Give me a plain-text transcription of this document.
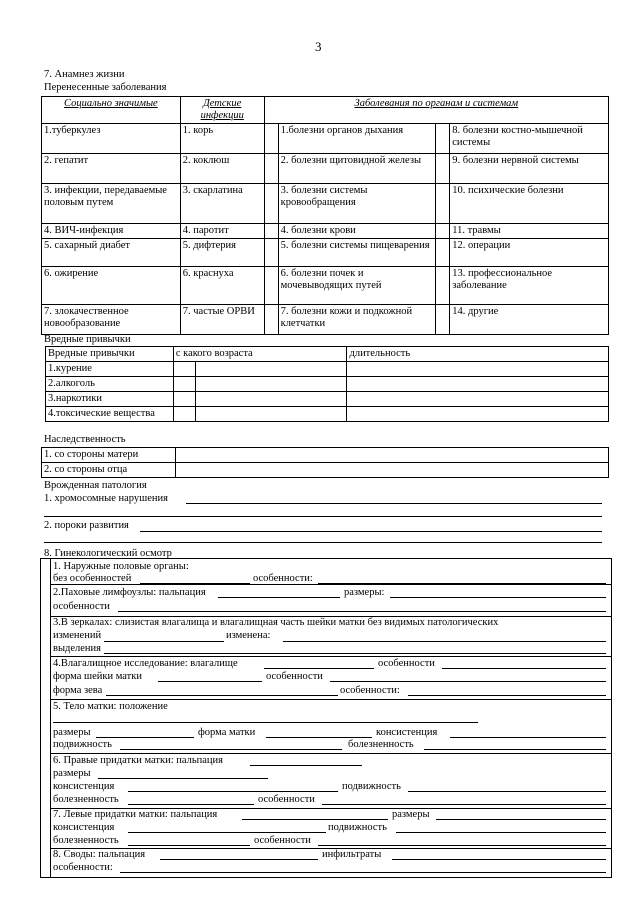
3
7. Анамнез жизни
Перенесенные заболевания
Социально значимые	Детские инфекции	Заболевания по органам и системам			
1.туберкулез	1. корь		1.болезни органов дыхания		8. болезни костно-мышечной системы
2. гепатит	2. коклюш		2. болезни щитовидной железы		9. болезни нервной системы
3. инфекции, передаваемые половым путем	3. скарлатина		3. болезни системы кровообращения		10. психические болезни
4. ВИЧ-инфекция	4. паротит		4. болезни крови		11. травмы
5. сахарный диабет	5. дифтерия		5. болезни системы пищеварения		12. операции
6. ожирение	6. краснуха		6. болезни почек и мочевыводящих путей		13. профессиональное заболевание
7. злокачественное новообразование	7. частые ОРВИ		7. болезни кожи и подкожной клетчатки		14. другие
Вредные привычки
Вредные привычки	с какого возраста		длительность
1.курение			
2.алкоголь			
3.наркотики			
4.токсические вещества			
Наследственность
1. со стороны матери	
2. со стороны отца	
Врожденная патология
1. хромосомные нарушения
2. пороки развития
8. Гинекологический осмотр
1. Наружные половые органы:
без особенностей	особенности:
2.Паховые лимфоузлы: пальпация	размеры:
особенности
3.В зеркалах: слизистая влагалища и влагалищная часть шейки матки без видимых патологических
изменений	изменена:
выделения
4.Влагалищное исследование: влагалище	особенности
форма шейки матки	особенности
форма зева	особенности:
5. Тело матки: положение
размеры	форма матки	консистенция
подвижность	болезненность
6. Правые придатки матки: пальпация
размеры
консистенция	подвижность
болезненность	особенности
7. Левые придатки матки: пальпация	размеры
консистенция	подвижность
болезненность	особенности
8. Своды: пальпация	инфильтраты
особенности:
